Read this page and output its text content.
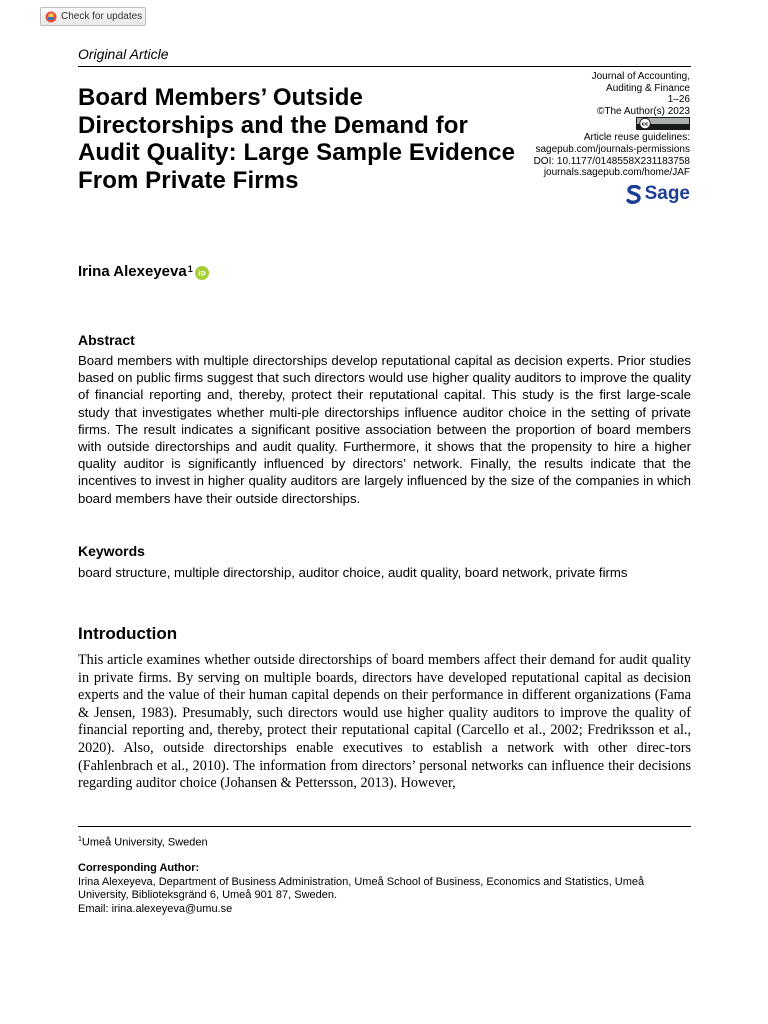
Check for updates
Original Article
Board Members’ Outside Directorships and the Demand for Audit Quality: Large Sample Evidence From Private Firms
Journal of Accounting,
Auditing & Finance
1–26
©The Author(s) 2023
cc
Article reuse guidelines:
sagepub.com/journals-permissions
DOI: 10.1177/0148558X231183758
journals.sagepub.com/home/JAF
Sage
Irina Alexeyeva$^1$ iD
Abstract

Board members with multiple directorships develop reputational capital as decision experts. Prior studies based on public firms suggest that such directors would use higher quality auditors to improve the quality of financial reporting and, thereby, protect their reputational capital. This study is the first large-scale study that investigates whether multi-ple directorships influence auditor choice in the setting of private firms. The result indicates a significant positive association between the proportion of board members with outside directorships and audit quality. Furthermore, it shows that the propensity to hire a higher quality auditor is significantly influenced by directors’ network. Finally, the results indicate that the incentives to invest in higher quality auditors are largely influenced by the size of the companies in which board members have their outside directorships.

Keywords

board structure, multiple directorship, auditor choice, audit quality, board network, private firms

Introduction

This article examines whether outside directorships of board members affect their demand for audit quality in private firms. By serving on multiple boards, directors have developed reputational capital as decision experts and the value of their human capital depends on their performance in different organizations (Fama & Jensen, 1983). Presumably, such directors would use higher quality auditors to improve the quality of financial reporting and, thereby, protect their reputational capital (Carcello et al., 2002; Fredriksson et al., 2020). Also, outside directorships enable executives to establish a network with other direc-tors (Fahlenbrach et al., 2010). The information from directors’ personal networks can influence their decisions regarding auditor choice (Johansen & Pettersson, 2013). However,

$^1$Umeå University, Sweden
Corresponding Author:
Irina Alexeyeva, Department of Business Administration, Umeå School of Business, Economics and Statistics, Umeå University, Biblioteksgränd 6, Umeå 901 87, Sweden.
Email: irina.alexeyeva@umu.se
